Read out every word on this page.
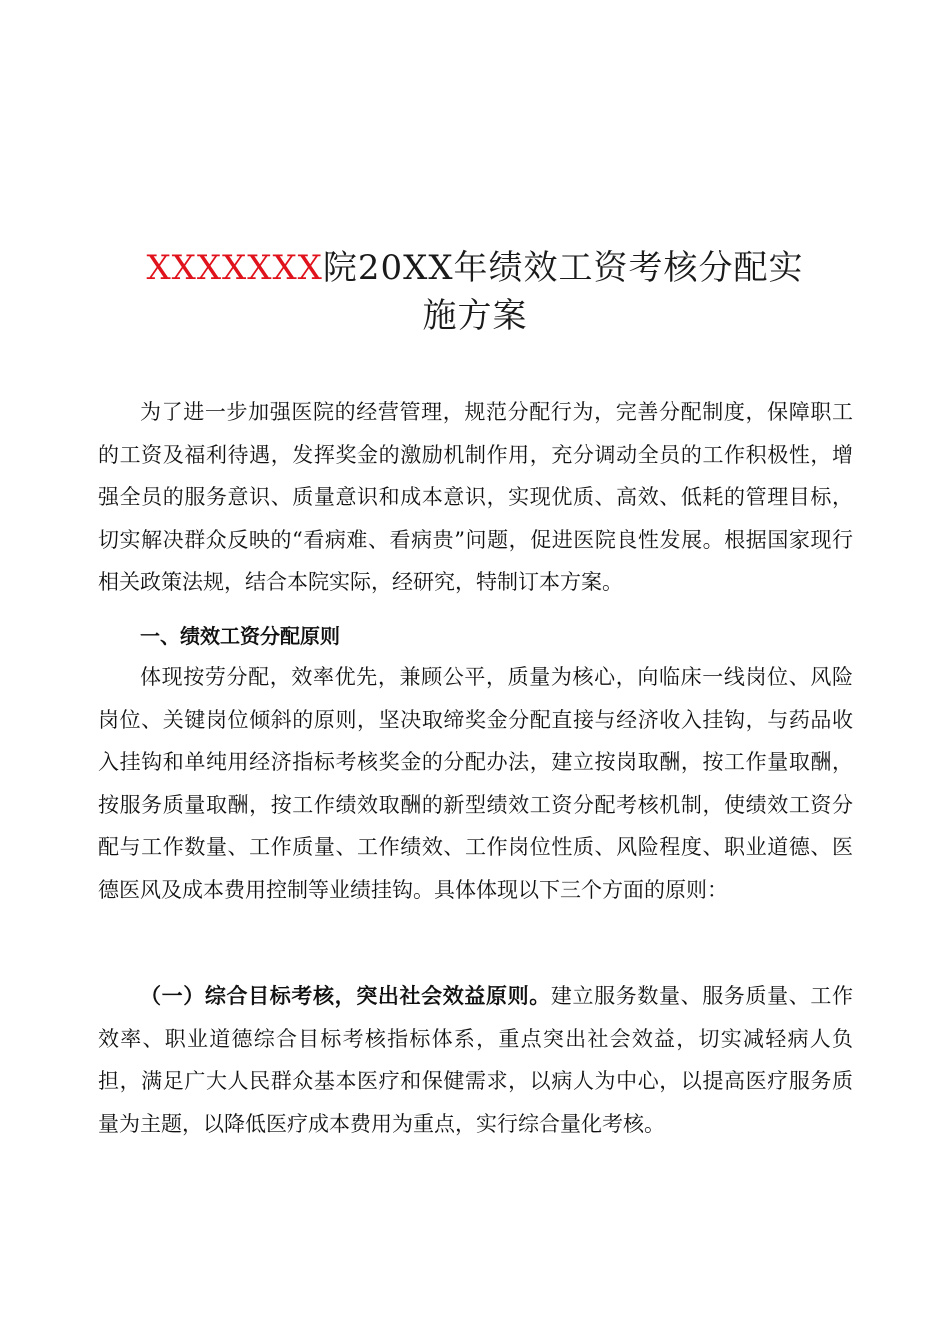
XXXXXXX院20XX年绩效工资考核分配实
施方案

为了进一步加强医院的经营管理，规范分配行为，完善分配制度，保障职工的工资及福利待遇，发挥奖金的激励机制作用，充分调动全员的工作积极性，增强全员的服务意识、质量意识和成本意识，实现优质、高效、低耗的管理目标，切实解决群众反映的“看病难、看病贵”问题，促进医院良性发展。根据国家现行相关政策法规，结合本院实际，经研究，特制订本方案。

一、绩效工资分配原则

体现按劳分配，效率优先，兼顾公平，质量为核心，向临床一线岗位、风险岗位、关键岗位倾斜的原则，坚决取缔奖金分配直接与经济收入挂钩，与药品收入挂钩和单纯用经济指标考核奖金的分配办法，建立按岗取酬，按工作量取酬，按服务质量取酬，按工作绩效取酬的新型绩效工资分配考核机制，使绩效工资分配与工作数量、工作质量、工作绩效、工作岗位性质、风险程度、职业道德、医德医风及成本费用控制等业绩挂钩。具体体现以下三个方面的原则：

（一）综合目标考核，突出社会效益原则。建立服务数量、服务质量、工作效率、职业道德综合目标考核指标体系，重点突出社会效益，切实减轻病人负担，满足广大人民群众基本医疗和保健需求，以病人为中心，以提高医疗服务质量为主题，以降低医疗成本费用为重点，实行综合量化考核。
